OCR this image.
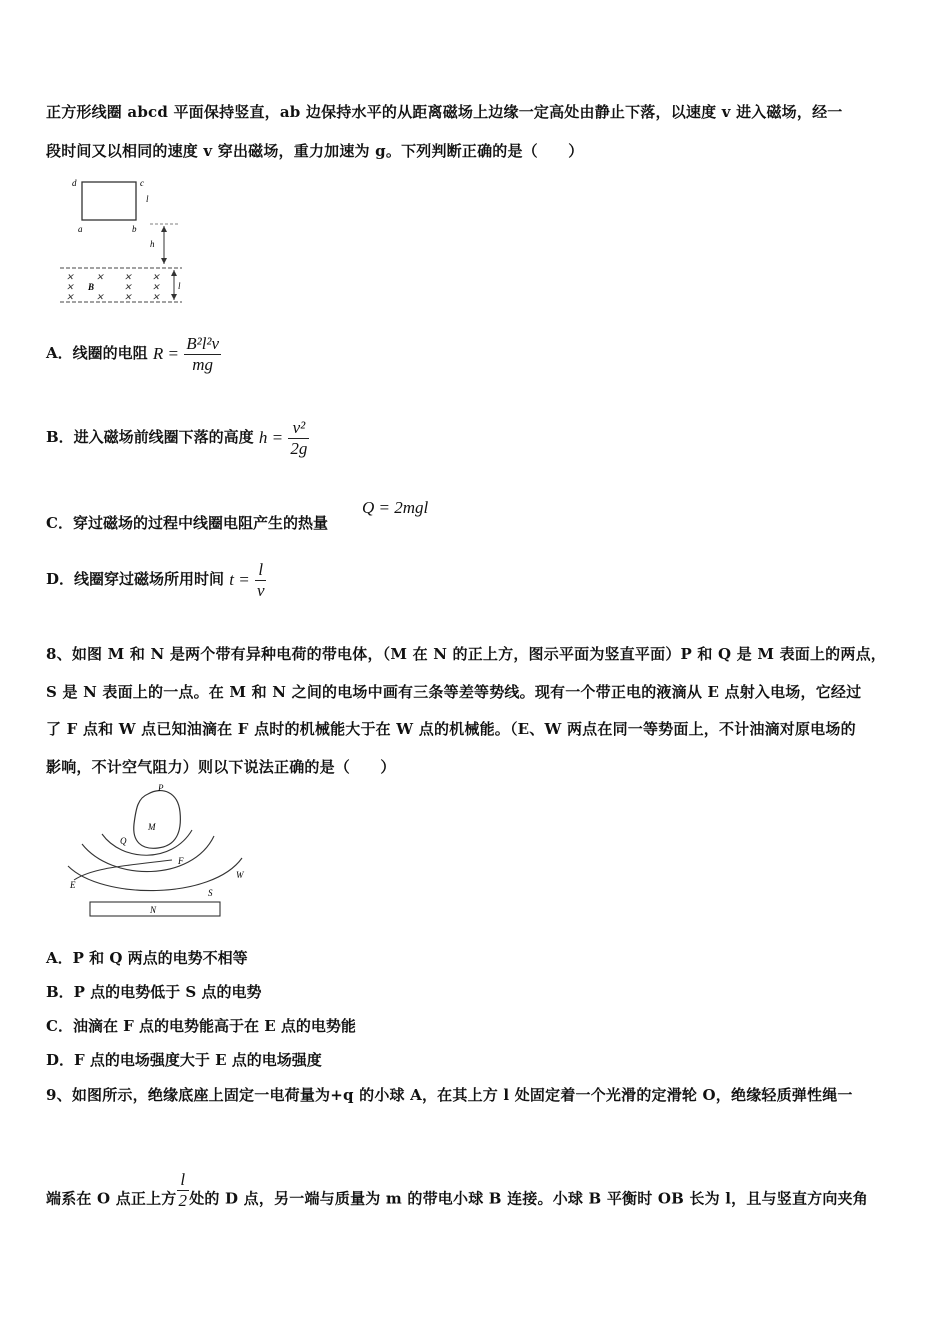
正方形线圈 abcd 平面保持竖直，ab 边保持水平的从距离磁场上边缘一定高处由静止下落，以速度 v 进入磁场，经一
段时间又以相同的速度 v 穿出磁场，重力加速为 g。下列判断正确的是（　　）
d	c
a	b
l
h
✕ ✕ ✕ ✕
✕	✕ ✕
✕ ✕ ✕ ✕
B	l
A．线圈的电阻 $R = \frac{\text{B²l²v}}{mg}$
B．进入磁场前线圈下落的高度 $h = \frac{\text{v²}}{2g}$
C．穿过磁场的过程中线圈电阻产生的热量
Q = 2mgl
D．线圈穿过磁场所用时间 $t = \frac{l}{v}$
8、如图 M 和 N 是两个带有异种电荷的带电体，（M 在 N 的正上方，图示平面为竖直平面）P 和 Q 是 M 表面上的两点，
S 是 N 表面上的一点。在 M 和 N 之间的电场中画有三条等差等势线。现有一个带正电的液滴从 E 点射入电场，它经过
了 F 点和 W 点已知油滴在 F 点时的机械能大于在 W 点的机械能。（E、W 两点在同一等势面上，不计油滴对原电场的
影响，不计空气阻力）则以下说法正确的是（　　）
P
M
Q
F
W
E
S
N
A．P 和 Q 两点的电势不相等
B．P 点的电势低于 S 点的电势
C．油滴在 F 点的电势能高于在 E 点的电势能
D．F 点的电场强度大于 E 点的电场强度
9、如图所示，绝缘底座上固定一电荷量为+q 的小球 A，在其上方 l 处固定着一个光滑的定滑轮 O，绝缘轻质弹性绳一
端系在 O 点正上方 $\frac{l}{2}$ 处的 D 点，另一端与质量为 m 的带电小球 B 连接。小球 B 平衡时 OB 长为 l，且与竖直方向夹角
